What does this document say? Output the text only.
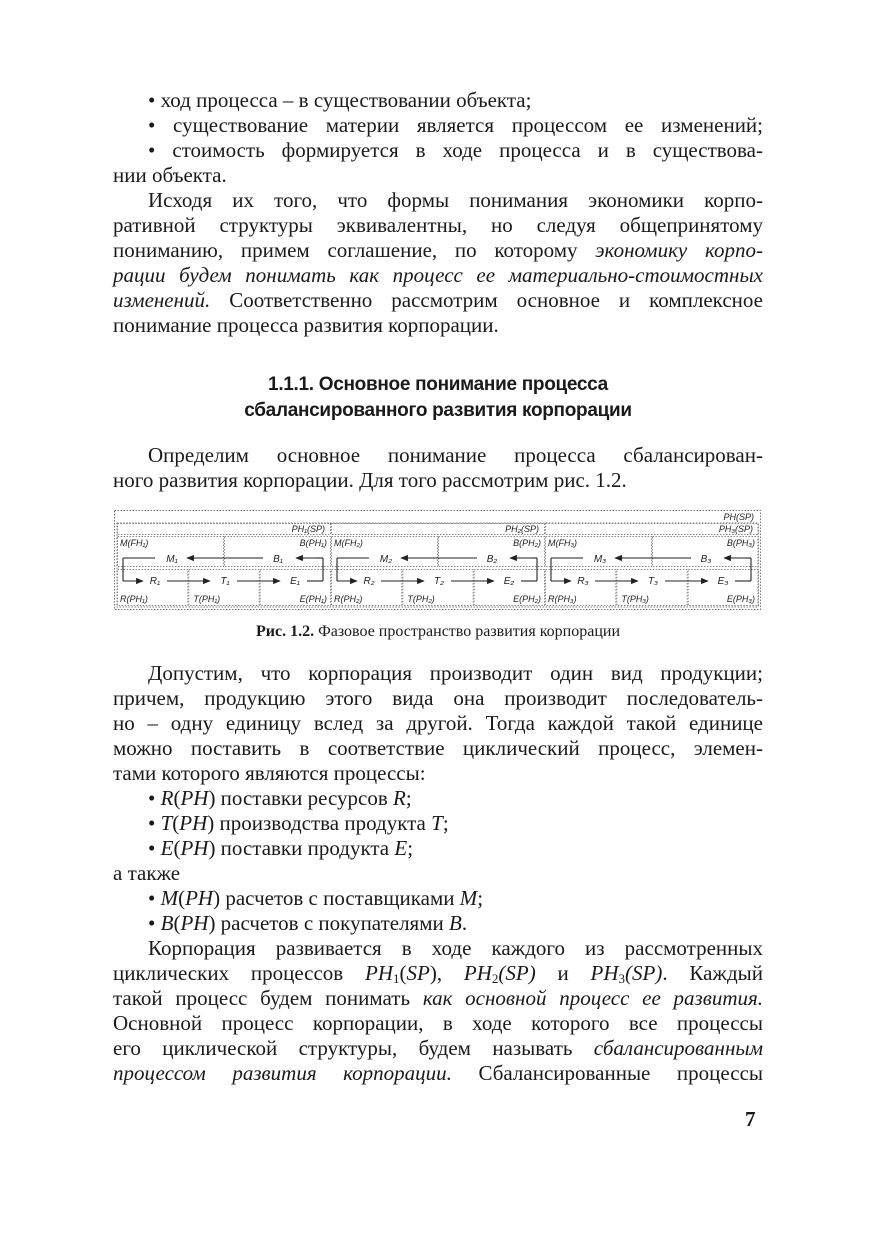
• ход процесса – в существовании объекта;
• существование материи является процессом ее изменений;
• стоимость формируется в ходе процесса и в существова-
нии объекта.
Исходя их того, что формы понимания экономики корпо-
ративной структуры эквивалентны, но следуя общепринятому
пониманию, примем соглашение, по которому экономику корпо-
рации будем понимать как процесс ее материально-стоимостных
изменений. Соответственно рассмотрим основное и комплексное
понимание процесса развития корпорации.
1.1.1. Основное понимание процесса
сбалансированного развития корпорации
Определим основное понимание процесса сбалансирован-
ного развития корпорации. Для того рассмотрим рис. 1.2.
PH(SP)
PH₁(SP)
M(FH₁)	B(PH₁)
M₁	B₁
R₁	T₁	E₁
R(PH₁)	T(PH₁)	E(PH₁)
PH₂(SP)
M(FH₂)	B(PH₂)
M₂	B₂
R₂	T₂	E₂
R(PH₂)	T(PH₂)	E(PH₂)
PH₃(SP)
M(FH₃)	B(PH₃)
M₃	B₃
R₃	T₃	E₃
R(PH₃)	T(PH₃)	E(PH₃)
Рис. 1.2. Фазовое пространство развития корпорации
Допустим, что корпорация производит один вид продукции;
причем, продукцию этого вида она производит последователь-
но – одну единицу вслед за другой. Тогда каждой такой единице
можно поставить в соответствие циклический процесс, элемен-
тами которого являются процессы:
• R(PH) поставки ресурсов R;
• T(PH) производства продукта T;
• E(PH) поставки продукта E;
а также
• M(PH) расчетов с поставщиками M;
• B(PH) расчетов с покупателями B.
Корпорация развивается в ходе каждого из рассмотренных
циклических процессов $PH_1(SP)$, $PH_2(SP)$ и $PH_3(SP)$. Каждый
такой процесс будем понимать как основной процесс ее развития.
Основной процесс корпорации, в ходе которого все процессы
его циклической структуры, будем называть сбалансированным
процессом развития корпорации. Сбалансированные процессы
7
